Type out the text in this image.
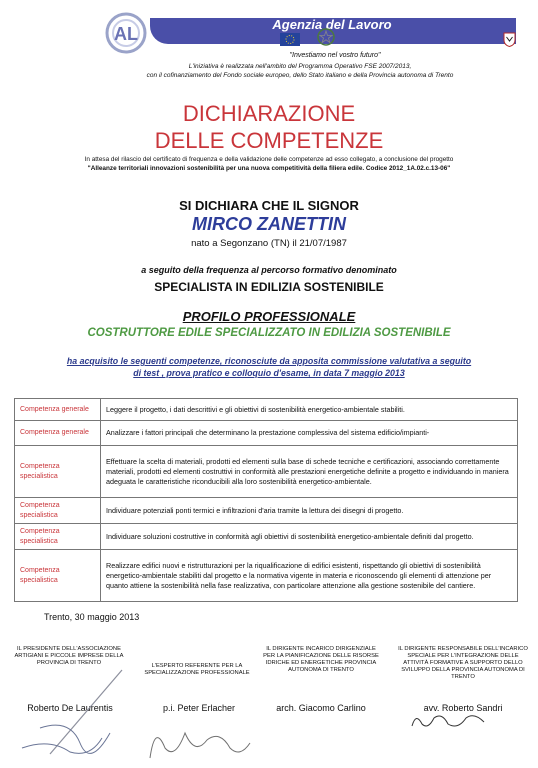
AL	Agenzia del Lavoro
"Investiamo nel vostro futuro"
L'iniziativa è realizzata nell'ambito del Programma Operativo FSE 2007/2013,
con il cofinanziamento del Fondo sociale europeo, dello Stato italiano e della Provincia autonoma di Trento
DICHIARAZIONE
DELLE COMPETENZE
In attesa del rilascio del certificato di frequenza e della validazione delle competenze ad esso collegato, a conclusione del progetto
"Alleanze territoriali innovazioni sostenibilità per una nuova competitività della filiera edile. Codice 2012_1A.02.c.13-06"
SI DICHIARA CHE IL SIGNOR
MIRCO ZANETTIN
nato a Segonzano (TN) il 21/07/1987
a seguito della frequenza al percorso formativo denominato
SPECIALISTA IN EDILIZIA SOSTENIBILE
PROFILO PROFESSIONALE
COSTRUTTORE EDILE SPECIALIZZATO IN EDILIZIA SOSTENIBILE
ha acquisito le seguenti competenze, riconosciute da apposita commissione valutativa a seguito
di test , prova pratico e colloquio d'esame, in data 7 maggio 2013
Competenza generale	Leggere il progetto, i dati descrittivi e gli obiettivi di sostenibilità energetico-ambientale stabiliti.
Competenza generale	Analizzare i fattori principali che determinano la prestazione complessiva del sistema edificio/impianti-
Competenza specialistica	Effettuare la scelta di materiali, prodotti ed elementi sulla base di schede tecniche e certificazioni, associando correttamente materiali, prodotti ed elementi costruttivi in conformità alle prestazioni energetiche definite a progetto e individuando in maniera adeguata le caratteristiche riconducibili alla loro sostenibilità energetico-ambientale.
Competenza specialistica	Individuare potenziali ponti termici e infiltrazioni d'aria tramite la lettura dei disegni di progetto.
Competenza specialistica	Individuare soluzioni costruttive in conformità agli obiettivi di sostenibilità energetico-ambientale definiti dal progetto.
Competenza specialistica	Realizzare edifici nuovi e ristrutturazioni per la riqualificazione di edifici esistenti, rispettando gli obiettivi di sostenibilità energetico-ambientale stabiliti dal progetto e la normativa vigente in materia e riconoscendo gli elementi di attenzione per quanto attiene la sostenibilità nella fase realizzativa, con particolare attenzione alla gestione sostenibile del cantiere.
Trento, 30 maggio 2013
IL PRESIDENTE DELL'ASSOCIAZIONE ARTIGIANI E PICCOLE IMPRESE DELLA PROVINCIA DI TRENTO	L'ESPERTO REFERENTE PER LA SPECIALIZZAZIONE PROFESSIONALE
IL DIRIGENTE INCARICO DIRIGENZIALE PER LA PIANIFICAZIONE DELLE RISORSE IDRICHE ED ENERGETICHE PROVINCIA AUTONOMA DI TRENTO
IL DIRIGENTE RESPONSABILE DELL'INCARICO SPECIALE PER L'INTEGRAZIONE DELLE ATTIVITÀ FORMATIVE A SUPPORTO DELLO SVILUPPO DELLA PROVINCIA AUTONOMA DI TRENTO
Roberto De Laurentis	p.i. Peter Erlacher	arch. Giacomo Carlino	avv. Roberto Sandri
